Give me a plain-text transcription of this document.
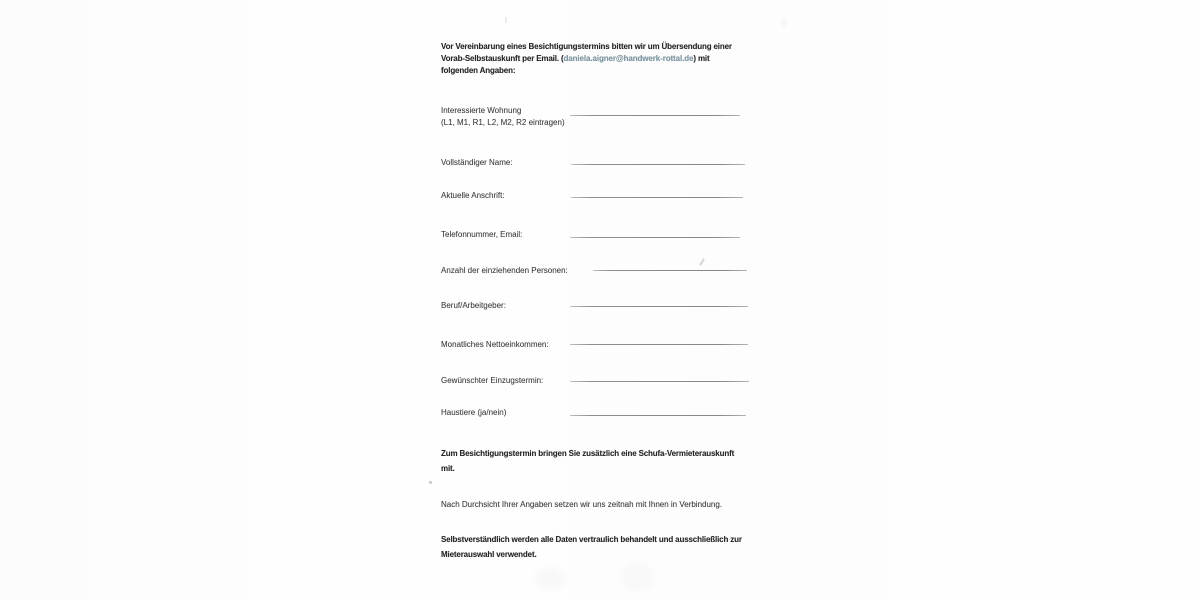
Vor Vereinbarung eines Besichtigungstermins bitten wir um Übersendung einer
Vorab-Selbstauskunft per Email. (daniela.aigner@handwerk-rottal.de) mit
folgenden Angaben:
Interessierte Wohnung
(L1, M1, R1, L2, M2, R2 eintragen)
Vollständiger Name:
Aktuelle Anschrift:
Telefonnummer, Email:
Anzahl der einziehenden Personen:
Beruf/Arbeitgeber:
Monatliches Nettoeinkommen:
Gewünschter Einzugstermin:
Haustiere (ja/nein)
Zum Besichtigungstermin bringen Sie zusätzlich eine Schufa-Vermieterauskunft
mit.
Nach Durchsicht Ihrer Angaben setzen wir uns zeitnah mit Ihnen in Verbindung.
Selbstverständlich werden alle Daten vertraulich behandelt und ausschließlich zur
Mieterauswahl verwendet.
